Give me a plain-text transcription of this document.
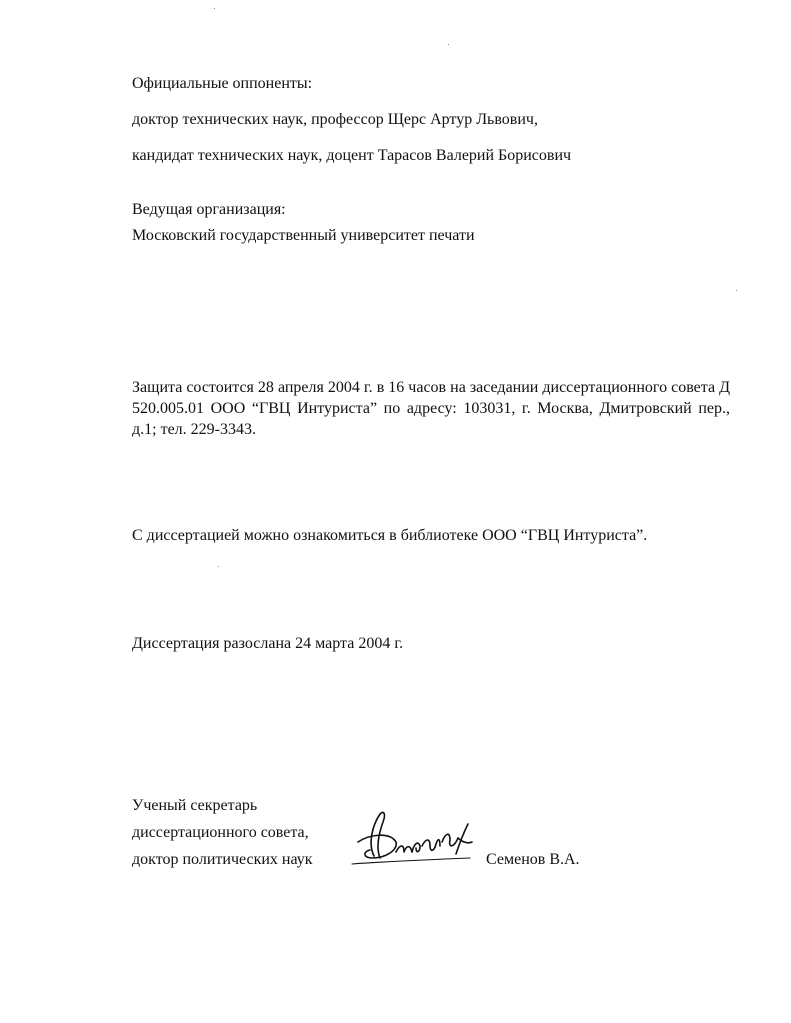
Официальные оппоненты:
доктор технических наук, профессор Щерс Артур Львович,
кандидат технических наук, доцент Тарасов Валерий Борисович
Ведущая организация:
Московский государственный университет печати
Защита состоится 28 апреля 2004 г. в 16 часов на заседании диссертационного совета Д 520.005.01 ООО “ГВЦ Интуриста” по адресу: 103031, г. Москва, Дмитровский пер., д.1; тел. 229-3343.
С диссертацией можно ознакомиться в библиотеке ООО “ГВЦ Интуриста”.
Диссертация разослана 24 марта 2004 г.
Ученый секретарь
диссертационного совета,
доктор политических наук	Семенов В.А.
